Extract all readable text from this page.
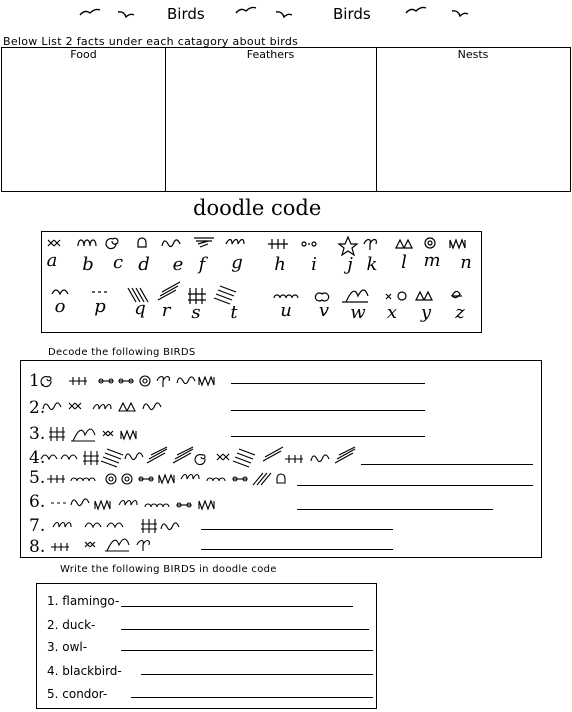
Birds	Birds
Below List 2 facts under each catagory about birds
Food	Feathers	Nests
doodle code
a b c d e f	g h	i	j k	l m n
o p q r	s	t	u v w x y z
Decode the following BIRDS
1.
2.
3.
4.
5.
6.
7.
8.
Write the following BIRDS in doodle code
1. flamingo-
2. duck-
3. owl-
4. blackbird-
5. condor-
